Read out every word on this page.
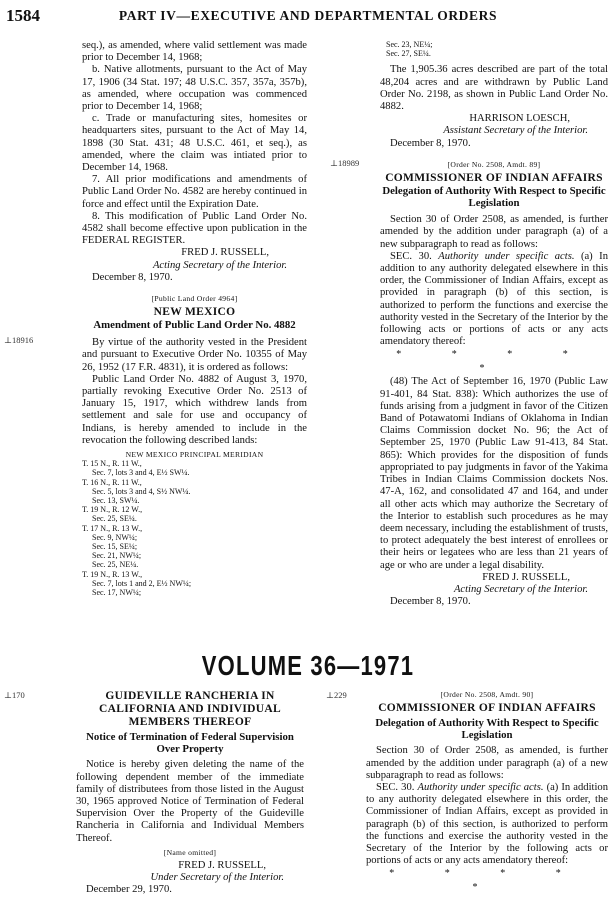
1584	PART IV—EXECUTIVE AND DEPARTMENTAL ORDERS

seq.), as amended, where valid settlement was made prior to December 14, 1968;

b. Native allotments, pursuant to the Act of May 17, 1906 (34 Stat. 197; 48 U.S.C. 357, 357a, 357b), as amended, where occupation was commenced prior to December 14, 1968;

c. Trade or manufacturing sites, homesites or headquarters sites, pursuant to the Act of May 14, 1898 (30 Stat. 431; 48 U.S.C. 461, et seq.), as amended, where the claim was intiated prior to December 14, 1968.

7. All prior modifications and amendments of Public Land Order No. 4582 are hereby continued in force and effect until the Expiration Date.

8. This modification of Public Land Order No. 4582 shall become effective upon publication in the FEDERAL REGISTER.

FRED J. RUSSELL,

Acting Secretary of the Interior.

December 8, 1970.

[Public Land Order 4964]

NEW MEXICO

Amendment of Public Land Order No. 4882

By virtue of the authority vested in the President and pursuant to Executive Order No. 10355 of May 26, 1952 (17 F.R. 4831), it is ordered as follows:

Public Land Order No. 4882 of August 3, 1970, partially revoking Executive Order No. 2513 of January 15, 1917, which withdrew lands from settlement and sale for use and occupancy of Indians, is hereby amended to include in the revocation the following described lands:

NEW MEXICO PRINCIPAL MERIDIAN

T. 15 N., R. 11 W.,
Sec. 7, lots 3 and 4, E½ SW¼.
T. 16 N., R. 11 W.,
Sec. 5, lots 3 and 4, S½ NW¼.
Sec. 13, SW¼.
T. 19 N., R. 12 W.,
Sec. 25, SE¼.
T. 17 N., R. 13 W.,
Sec. 9, NW¼;
Sec. 15, SE¼;
Sec. 21, NW¼;
Sec. 25, NE¼.
T. 19 N., R. 13 W.,
Sec. 7, lots 1 and 2, E½ NW¼;
Sec. 17, NW¼;
⊥18916

Sec. 23, NE¼;

Sec. 27, SE¼.

The 1,905.36 acres described are part of the total 48,204 acres and are withdrawn by Public Land Order No. 2198, as shown in Public Land Order No. 4882.

HARRISON LOESCH,

Assistant Secretary of the Interior.

December 8, 1970.

[Order No. 2508, Amdt. 89]

COMMISSIONER OF INDIAN AFFAIRS

Delegation of Authority With Respect to Specific Legislation

Section 30 of Order 2508, as amended, is further amended by the addition under paragraph (a) of a new subparagraph to read as follows:

SEC. 30. Authority under specific acts. (a) In addition to any authority delegated elsewhere in this order, the Commissioner of Indian Affairs, except as provided in paragraph (b) of this section, is authorized to perform the functions and exercise the authority vested in the Secretary of the Interior by the following acts or portions of acts or any acts amendatory thereof:

* * * * *

(48) The Act of September 16, 1970 (Public Law 91-401, 84 Stat. 838): Which authorizes the use of funds arising from a judgment in favor of the Citizen Band of Potawatomi Indians of Oklahoma in Indian Claims Commission docket No. 96; the Act of September 25, 1970 (Public Law 91-413, 84 Stat. 865): Which provides for the disposition of funds appropriated to pay judgments in favor of the Yakima Tribes in Indian Claims Commission dockets Nos. 47-A, 162, and consolidated 47 and 164, and under all other acts which may authorize the Secretary of the Interior to establish such procedures as he may deem necessary, including the establishment of trusts, to protect adequately the best interest of enrollees or their heirs or legatees who are less than 21 years of age or who are under a legal disability.

FRED J. RUSSELL,

Acting Secretary of the Interior.

December 8, 1970.

⊥18989
VOLUME 36—1971

GUIDEVILLE RANCHERIA IN CALIFORNIA AND INDIVIDUAL MEMBERS THEREOF

Notice of Termination of Federal Supervision Over Property

Notice is hereby given deleting the name of the following dependent member of the immediate family of distributees from those listed in the August 30, 1965 approved Notice of Termination of Federal Supervision Over the Property of the Guideville Rancheria in California and Individual Members Thereof.

[Name omitted]

FRED J. RUSSELL,

Under Secretary of the Interior.

December 29, 1970.

⊥170	[Order No. 2508, Amdt. 90]

COMMISSIONER OF INDIAN AFFAIRS

Delegation of Authority With Respect to Specific Legislation

Section 30 of Order 2508, as amended, is further amended by the addition under paragraph (a) of a new subparagraph to read as follows:

SEC. 30. Authority under specific acts. (a) In addition to any authority delegated elsewhere in this order, the Commissioner of Indian Affairs, except as provided in paragraph (b) of this section, is authorized to perform the functions and exercise the authority vested in the Secretary of the Interior by the following acts or portions of acts or any acts amendatory thereof:

* * * * *

⊥229
